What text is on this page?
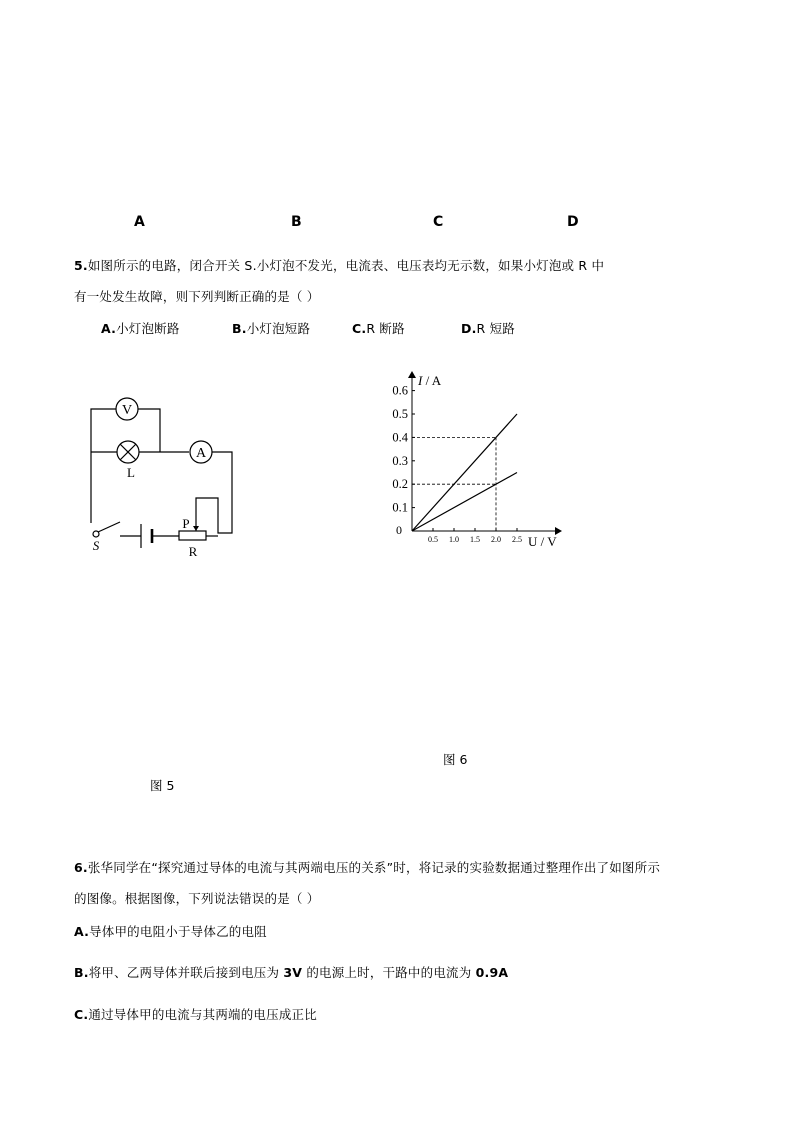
A	B	C	D
5.如图所示的电路，闭合开关 S.小灯泡不发光，电流表、电压表均无示数，如果小灯泡或 R 中
有一处发生故障，则下列判断正确的是（ ）
A.小灯泡断路	B.小灯泡短路	C.R 断路	D.R 短路
V
L
A
P
R
S
I / A
U / V
0
0.1
0.2
0.3
0.4
0.5
0.6
0.5 1.0 1.5 2.0 2.5
图 6
图 5
6.张华同学在“探究通过导体的电流与其两端电压的关系”时，将记录的实验数据通过整理作出了如图所示
的图像。根据图像，下列说法错误的是（ ）
A.导体甲的电阻小于导体乙的电阻
B.将甲、乙两导体并联后接到电压为 3V 的电源上时，干路中的电流为 0.9A
C.通过导体甲的电流与其两端的电压成正比
